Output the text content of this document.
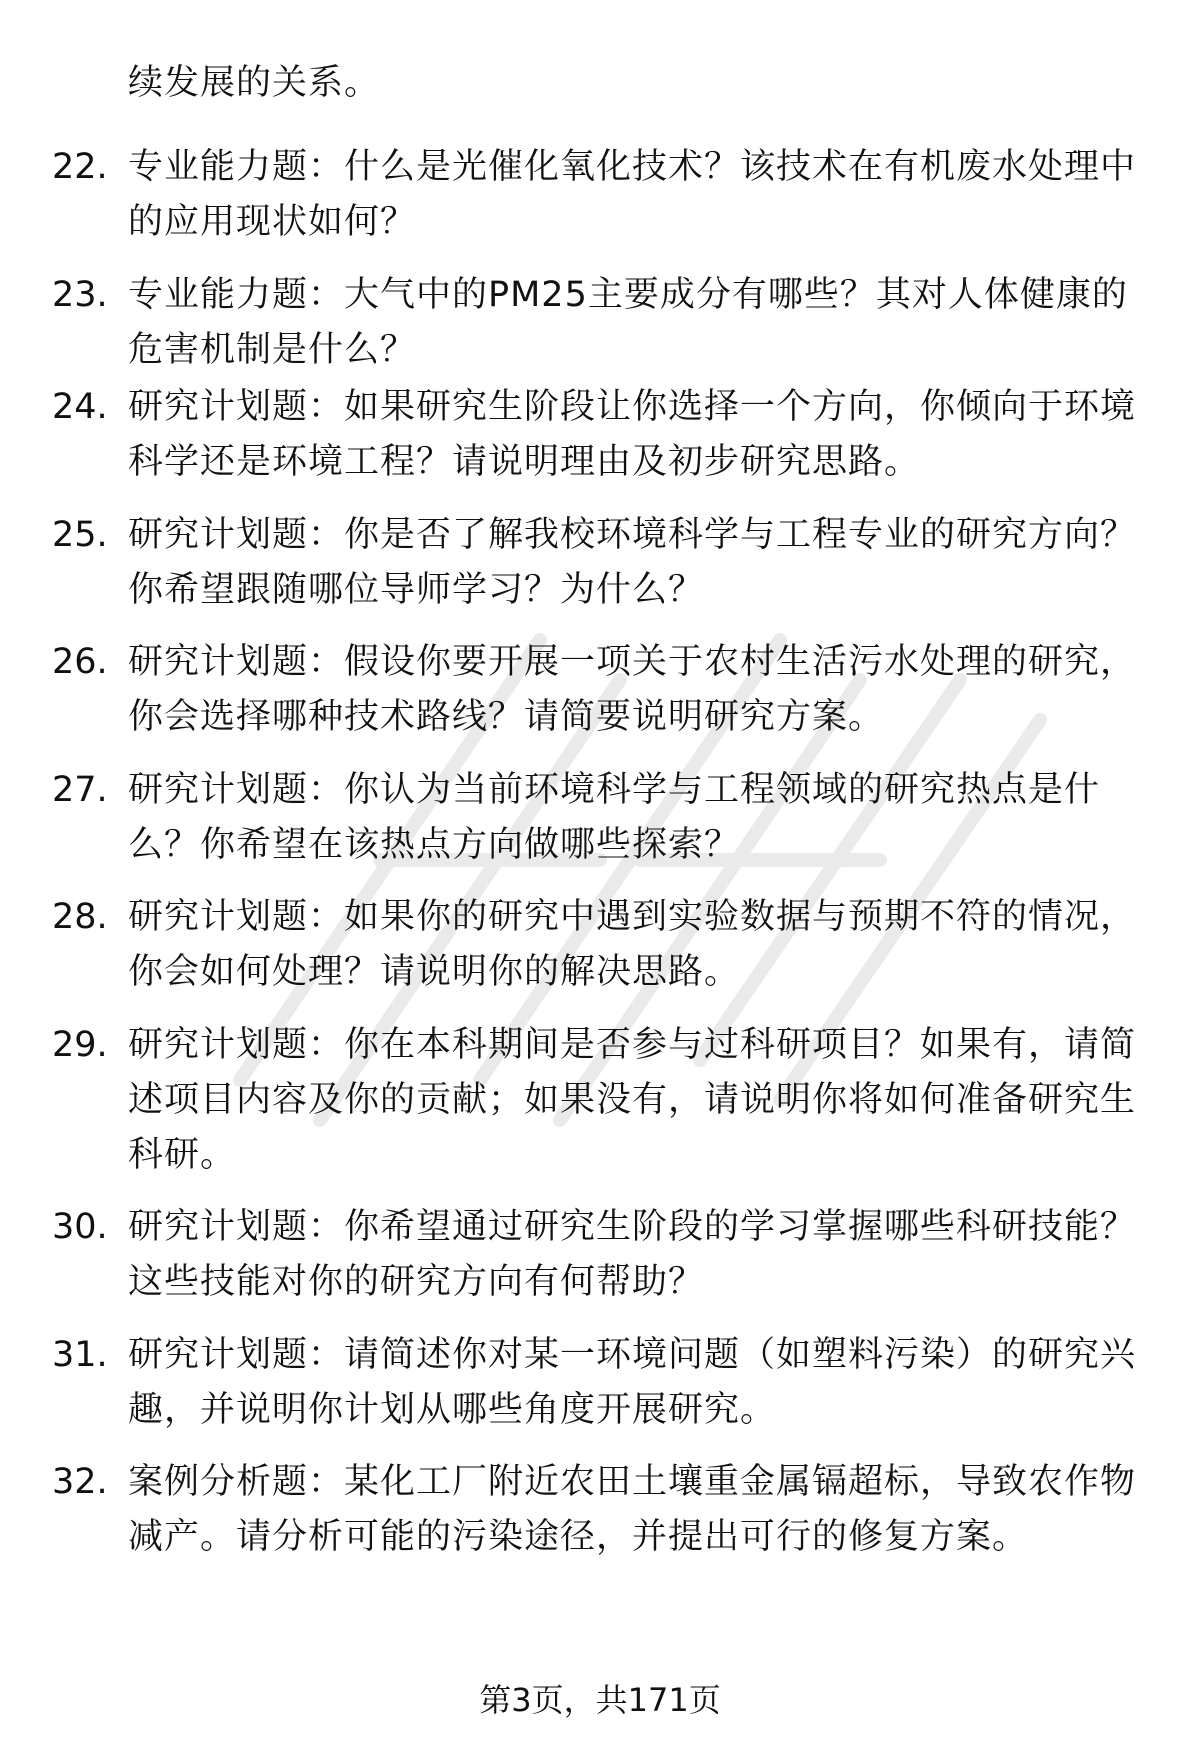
续发展的关系。
22. 专业能力题：什么是光催化氧化技术？该技术在有机废水处理中的应用现状如何？
23. 专业能力题：大气中的PM25主要成分有哪些？其对人体健康的危害机制是什么？
24. 研究计划题：如果研究生阶段让你选择一个方向，你倾向于环境科学还是环境工程？请说明理由及初步研究思路。
25. 研究计划题：你是否了解我校环境科学与工程专业的研究方向？你希望跟随哪位导师学习？为什么？
26. 研究计划题：假设你要开展一项关于农村生活污水处理的研究，你会选择哪种技术路线？请简要说明研究方案。
27. 研究计划题：你认为当前环境科学与工程领域的研究热点是什么？你希望在该热点方向做哪些探索？
28. 研究计划题：如果你的研究中遇到实验数据与预期不符的情况，你会如何处理？请说明你的解决思路。
29. 研究计划题：你在本科期间是否参与过科研项目？如果有，请简述项目内容及你的贡献；如果没有，请说明你将如何准备研究生科研。
30. 研究计划题：你希望通过研究生阶段的学习掌握哪些科研技能？这些技能对你的研究方向有何帮助？
31. 研究计划题：请简述你对某一环境问题（如塑料污染）的研究兴趣，并说明你计划从哪些角度开展研究。
32. 案例分析题：某化工厂附近农田土壤重金属镉超标，导致农作物减产。请分析可能的污染途径，并提出可行的修复方案。
第3页，共171页
